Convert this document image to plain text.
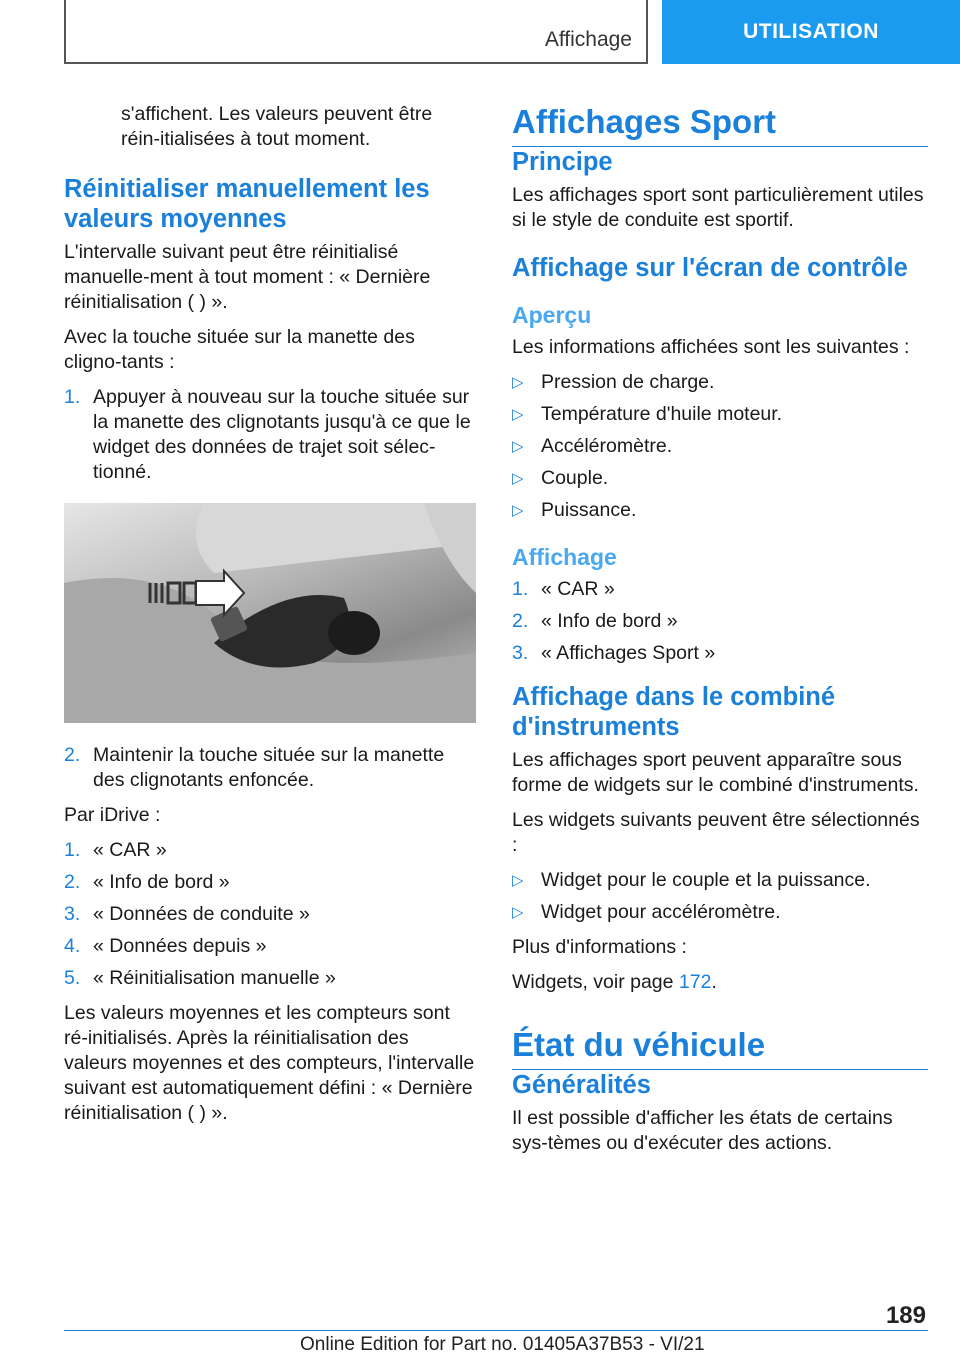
Affichage	UTILISATION

s'affichent. Les valeurs peuvent être réin-itialisées à tout moment.

Réinitialiser manuellement les valeurs moyennes

L'intervalle suivant peut être réinitialisé manuelle-ment à tout moment : « Dernière réinitialisation ( ) ».

Avec la touche située sur la manette des cligno-tants :

1. Appuyer à nouveau sur la touche située sur la manette des clignotants jusqu'à ce que le widget des données de trajet soit sélec-tionné.
2. Maintenir la touche située sur la manette des clignotants enfoncée.

Par iDrive :

1. « CAR »
2. « Info de bord »
3. « Données de conduite »
4. « Données depuis »
5. « Réinitialisation manuelle »

Les valeurs moyennes et les compteurs sont ré-initialisés. Après la réinitialisation des valeurs moyennes et des compteurs, l'intervalle suivant est automatiquement défini : « Dernière réinitialisation ( ) ».

Affichages Sport
Principe

Les affichages sport sont particulièrement utiles si le style de conduite est sportif.

Affichage sur l'écran de contrôle
Aperçu

Les informations affichées sont les suivantes :

▷ Pression de charge.
▷ Température d'huile moteur.
▷ Accéléromètre.
▷ Couple.
▷ Puissance.
Affichage
1. « CAR »
2. « Info de bord »
3. « Affichages Sport »
Affichage dans le combiné d'instruments

Les affichages sport peuvent apparaître sous forme de widgets sur le combiné d'instruments.

Les widgets suivants peuvent être sélectionnés :

▷ Widget pour le couple et la puissance.
▷ Widget pour accéléromètre.

Plus d'informations :

Widgets, voir page 172.

État du véhicule
Généralités

Il est possible d'afficher les états de certains sys-tèmes ou d'exécuter des actions.

189
Online Edition for Part no. 01405A37B53 - VI/21
